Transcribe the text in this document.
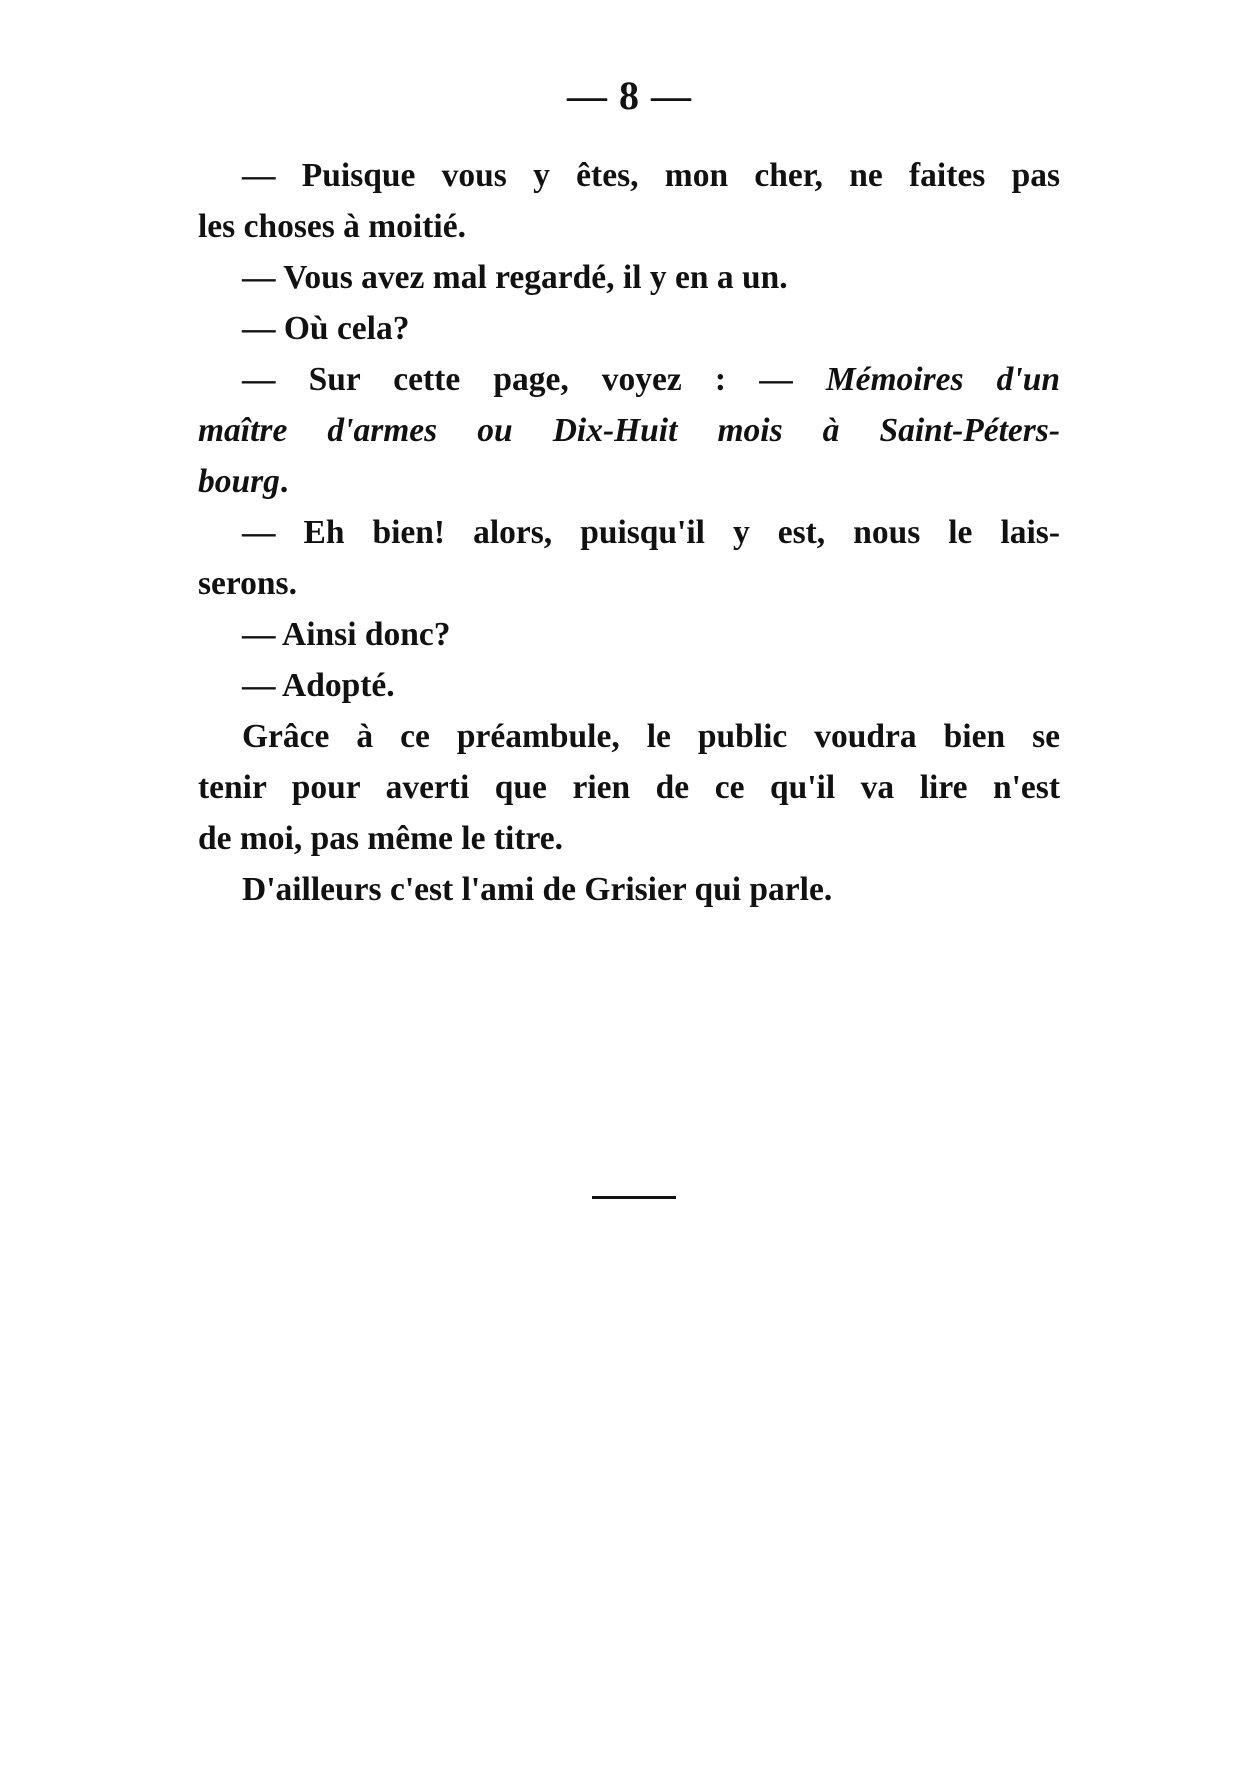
— 8 —
— Puisque vous y êtes, mon cher, ne faites pas
les choses à moitié.
— Vous avez mal regardé, il y en a un.
— Où cela?
— Sur cette page, voyez : — Mémoires d'un
maître d'armes ou Dix-Huit mois à Saint-Péters-
bourg.
— Eh bien! alors, puisqu'il y est, nous le lais-
serons.
— Ainsi donc?
— Adopté.
Grâce à ce préambule, le public voudra bien se
tenir pour averti que rien de ce qu'il va lire n'est
de moi, pas même le titre.
D'ailleurs c'est l'ami de Grisier qui parle.
